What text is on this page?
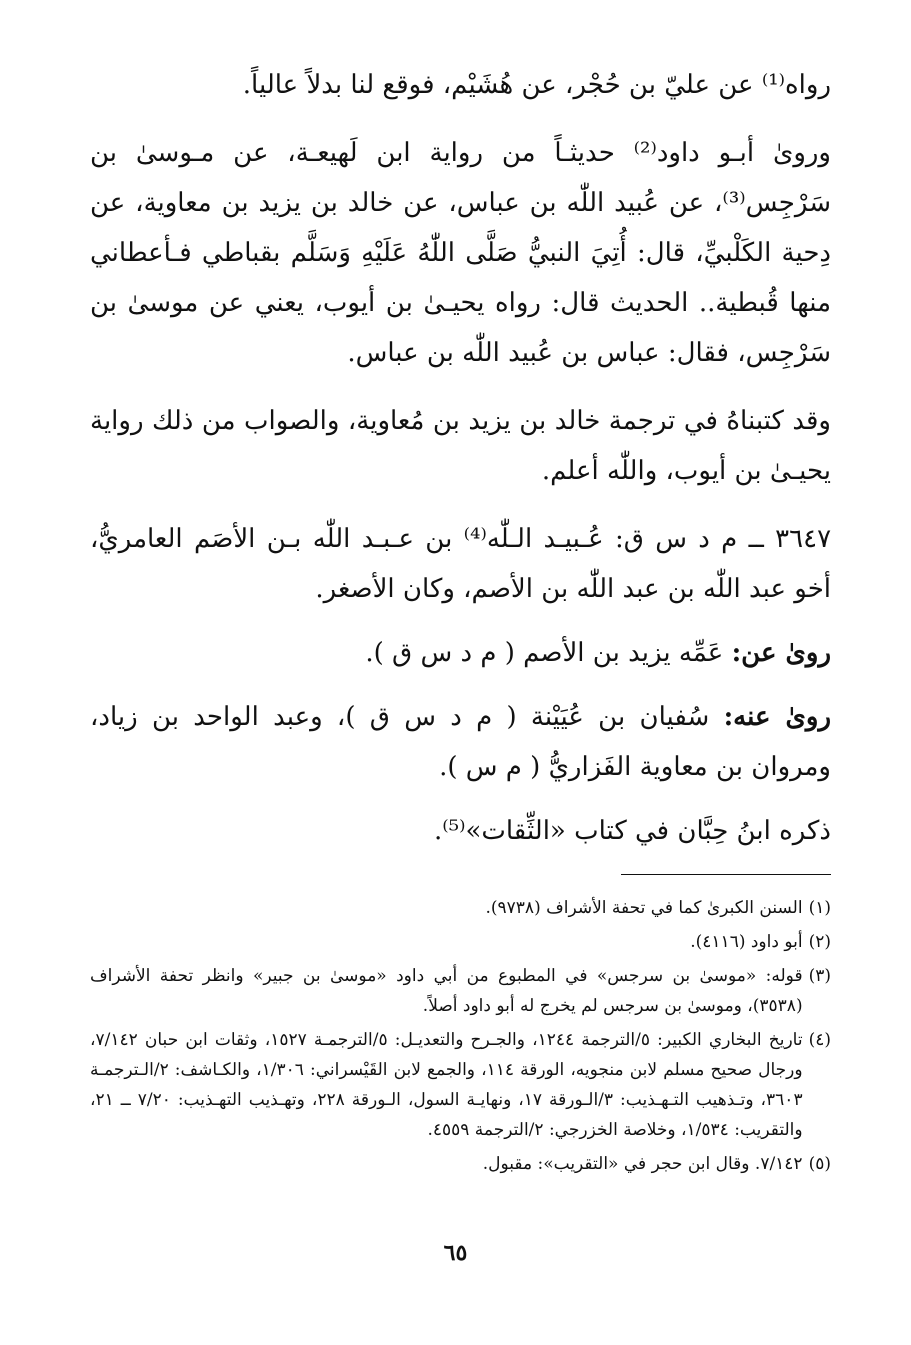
رواه⁽¹⁾ عن عليّ بن حُجْر، عن هُشَيْم، فوقع لنا بدلاً عالياً.

وروىٰ أبـو داود⁽²⁾ حديثـاً من رواية ابن لَهيعـة، عن مـوسىٰ بن سَرْجِس⁽³⁾، عن عُبيد اللّٰه بن عباس، عن خالد بن يزيد بن معاوية، عن دِحية الكَلْبيِّ، قال: أُتِيَ النبيُّ صَلَّى اللّٰهُ عَلَيْهِ وَسَلَّم بقباطي فـأعطاني منها قُبطية.. الحديث قال: رواه يحيـىٰ بن أيوب، يعني عن موسىٰ بن سَرْجِس، فقال: عباس بن عُبيد اللّٰه بن عباس.

وقد كتبناهُ في ترجمة خالد بن يزيد بن مُعاوية، والصواب من ذلك رواية يحيـىٰ بن أيوب، واللّٰه أعلم.

٣٦٤٧ ــ م د س ق: عُـبيـد الـلّٰه⁽⁴⁾ بن عـبـد اللّٰه بـن الأصَم العامريُّ، أخو عبد اللّٰه بن عبد اللّٰه بن الأصم، وكان الأصغر.

روىٰ عن: عَمِّه يزيد بن الأصم ( م د س ق ).

روىٰ عنه: سُفيان بن عُيَيْنة ( م د س ق )، وعبد الواحد بن زياد، ومروان بن معاوية الفَزاريُّ ( م س ).

ذكره ابنُ حِبَّان في كتاب «الثِّقات»⁽⁵⁾.

(١)
السنن الكبرىٰ كما في تحفة الأشراف (٩٧٣٨).
(٢)
أبو داود (٤١١٦).
(٣)
قوله: «موسىٰ بن سرجس» في المطبوع من أبي داود «موسىٰ بن جبير» وانظر تحفة الأشراف (٣٥٣٨)، وموسىٰ بن سرجس لم يخرج له أبو داود أصلاً.
(٤)
تاريخ البخاري الكبير: ٥/الترجمة ١٢٤٤، والجـرح والتعديـل: ٥/الترجمـة ١٥٢٧، وثقات ابن حبان ٧/١٤٢، ورجال صحيح مسلم لابن منجويه، الورقة ١١٤، والجمع لابن القَيْسراني: ١/٣٠٦، والكـاشف: ٢/الـترجمـة ٣٦٠٣، وتـذهيب التـهـذيب: ٣/الـورقة ١٧، ونهايـة السول، الـورقة ٢٢٨، وتهـذيب التهـذيب: ٧/٢٠ ــ ٢١، والتقريب: ١/٥٣٤، وخلاصة الخزرجي: ٢/الترجمة ٤٥٥٩.
(٥)
٧/١٤٢. وقال ابن حجر في «التقريب»: مقبول.
٦٥
